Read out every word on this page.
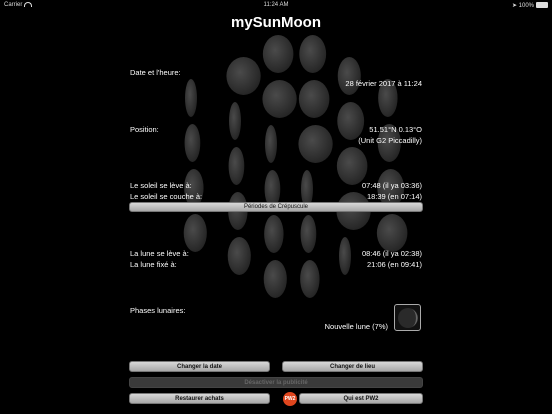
Carrier	11:24 AM	➤ 100%
mySunMoon
Date et l'heure:
28 février 2017 à 11:24
Position:	51.51°N 0.13°O
(Unit G2 Piccadilly)
Le soleil se lève à:	07:48 (il ya 03:36)
Le soleil se couche à:	18:39 (en 07:14)
Périodes de Crépuscule
La lune se lève à:	08:46 (il ya 02:38)
La lune fixé à:	21:06 (en 09:41)
Phases lunaires:
Nouvelle lune (7%)
Changer la date	Changer de lieu
Désactiver la publicité
Restaurer achats	PW2	Qui est PW2
